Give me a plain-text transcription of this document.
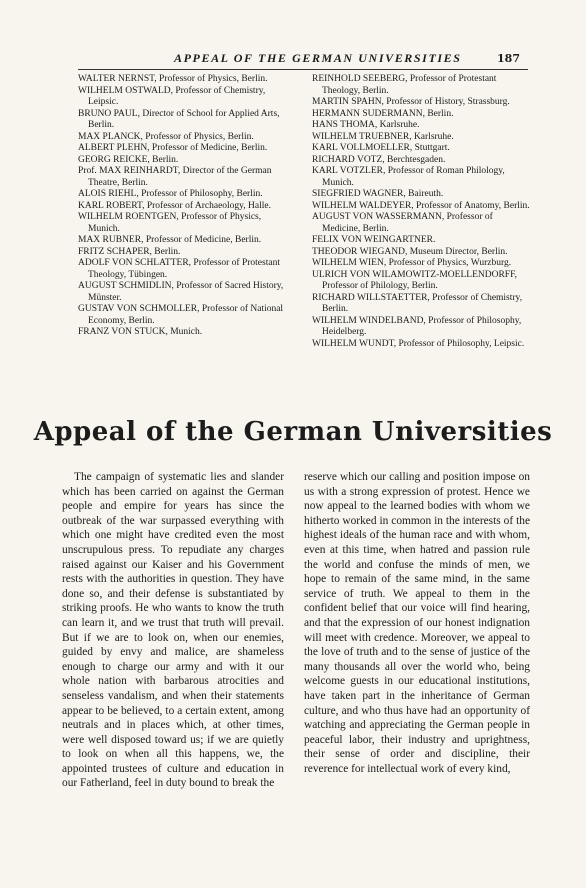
APPEAL OF THE GERMAN UNIVERSITIES	187
WALTER NERNST, Professor of Physics, Berlin.
WILHELM OSTWALD, Professor of Chemistry, Leipsic.
BRUNO PAUL, Director of School for Applied Arts, Berlin.
MAX PLANCK, Professor of Physics, Berlin.
ALBERT PLEHN, Professor of Medicine, Berlin.
GEORG REICKE, Berlin.
Prof. MAX REINHARDT, Director of the German Theatre, Berlin.
ALOIS RIEHL, Professor of Philosophy, Berlin.
KARL ROBERT, Professor of Archaeology, Halle.
WILHELM ROENTGEN, Professor of Physics, Munich.
MAX RUBNER, Professor of Medicine, Berlin.
FRITZ SCHAPER, Berlin.
ADOLF VON SCHLATTER, Professor of Protestant Theology, Tübingen.
AUGUST SCHMIDLIN, Professor of Sacred History, Münster.
GUSTAV VON SCHMOLLER, Professor of National Economy, Berlin.
FRANZ VON STUCK, Munich.
REINHOLD SEEBERG, Professor of Protestant Theology, Berlin.
MARTIN SPAHN, Professor of History, Strassburg.
HERMANN SUDERMANN, Berlin.
HANS THOMA, Karlsruhe.
WILHELM TRUEBNER, Karlsruhe.
KARL VOLLMOELLER, Stuttgart.
RICHARD VOTZ, Berchtesgaden.
KARL VOTZLER, Professor of Roman Philology, Munich.
SIEGFRIED WAGNER, Baireuth.
WILHELM WALDEYER, Professor of Anatomy, Berlin.
AUGUST VON WASSERMANN, Professor of Medicine, Berlin.
FELIX VON WEINGARTNER.
THEODOR WIEGAND, Museum Director, Berlin.
WILHELM WIEN, Professor of Physics, Wurzburg.
ULRICH VON WILAMOWITZ-MOELLENDORFF, Professor of Philology, Berlin.
RICHARD WILLSTAETTER, Professor of Chemistry, Berlin.
WILHELM WINDELBAND, Professor of Philosophy, Heidelberg.
WILHELM WUNDT, Professor of Philosophy, Leipsic.
Appeal of the German Universities
The campaign of systematic lies and slander which has been carried on against the German people and empire for years has since the outbreak of the war surpassed everything with which one might have credited even the most unscrupulous press. To repudiate any charges raised against our Kaiser and his Government rests with the authorities in question. They have done so, and their defense is substantiated by striking proofs. He who wants to know the truth can learn it, and we trust that truth will prevail. But if we are to look on, when our enemies, guided by envy and malice, are shameless enough to charge our army and with it our whole nation with barbarous atrocities and senseless vandalism, and when their statements appear to be believed, to a certain extent, among neutrals and in places which, at other times, were well disposed toward us; if we are quietly to look on when all this happens, we, the appointed trustees of culture and education in our Fatherland, feel in duty bound to break the
reserve which our calling and position impose on us with a strong expression of protest. Hence we now appeal to the learned bodies with whom we hitherto worked in common in the interests of the highest ideals of the human race and with whom, even at this time, when hatred and passion rule the world and confuse the minds of men, we hope to remain of the same mind, in the same service of truth. We appeal to them in the confident belief that our voice will find hearing, and that the expression of our honest indignation will meet with credence. Moreover, we appeal to the love of truth and to the sense of justice of the many thousands all over the world who, being welcome guests in our educational institutions, have taken part in the inheritance of German culture, and who thus have had an opportunity of watching and appreciating the German people in peaceful labor, their industry and uprightness, their sense of order and discipline, their reverence for intellectual work of every kind,
